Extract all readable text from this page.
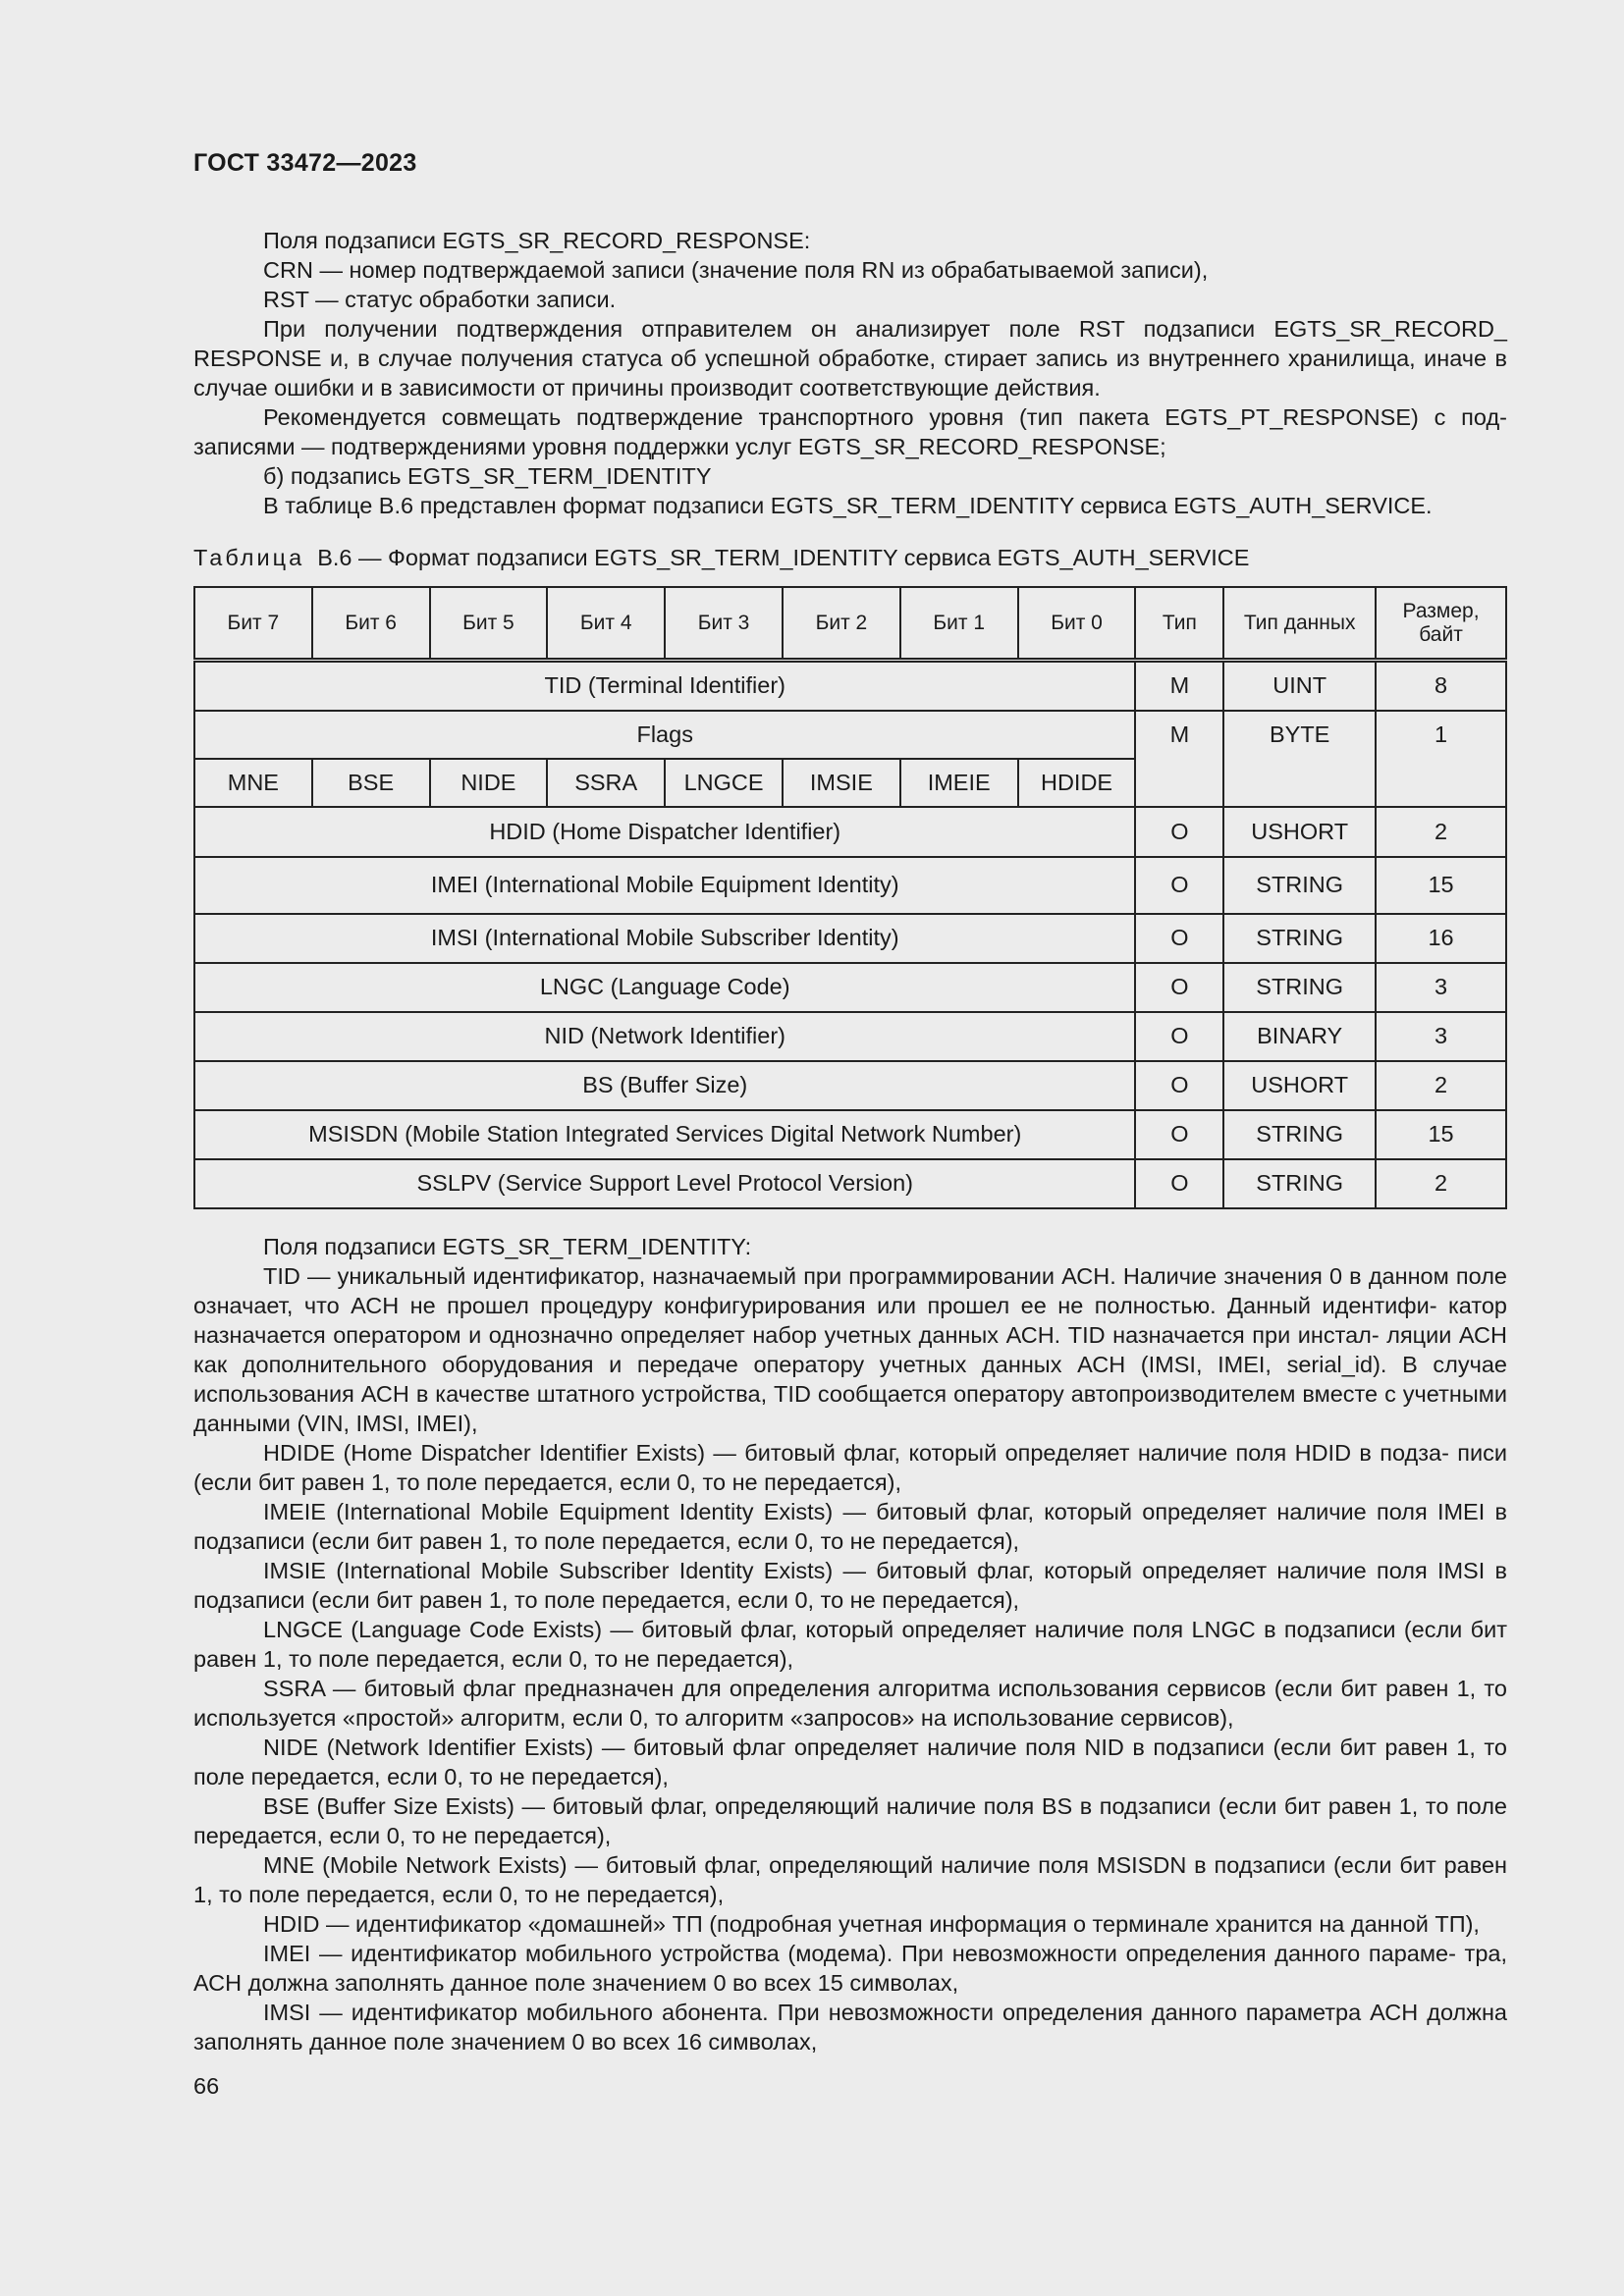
ГОСТ 33472—2023

Поля подзаписи EGTS_SR_RECORD_RESPONSE:

CRN — номер подтверждаемой записи (значение поля RN из обрабатываемой записи),

RST — статус обработки записи.

При получении подтверждения отправителем он анализирует поле RST подзаписи EGTS_SR_RECORD_ RESPONSE и, в случае получения статуса об успешной обработке, стирает запись из внутреннего хранилища, иначе в случае ошибки и в зависимости от причины производит соответствующие действия.

Рекомендуется совмещать подтверждение транспортного уровня (тип пакета EGTS_PT_RESPONSE) с под- записями — подтверждениями уровня поддержки услуг EGTS_SR_RECORD_RESPONSE;

б) подзапись EGTS_SR_TERM_IDENTITY

В таблице В.6 представлен формат подзаписи EGTS_SR_TERM_IDENTITY сервиса EGTS_AUTH_SERVICE.

Таблица В.6 — Формат подзаписи EGTS_SR_TERM_IDENTITY сервиса EGTS_AUTH_SERVICE
Бит 7	Бит 6	Бит 5	Бит 4	Бит 3	Бит 2	Бит 1	Бит 0	Тип	Тип данных	Размер, байт
TID (Terminal Identifier)								M	UINT	8
Flags								M	BYTE	1
MNE	BSE	NIDE	SSRA	LNGCE	IMSIE	IMEIE	HDIDE			
HDID (Home Dispatcher Identifier)								O	USHORT	2
IMEI (International Mobile Equipment Identity)								O	STRING	15
IMSI (International Mobile Subscriber Identity)								O	STRING	16
LNGC (Language Code)								O	STRING	3
NID (Network Identifier)								O	BINARY	3
BS (Buffer Size)								O	USHORT	2
MSISDN (Mobile Station Integrated Services Digital Network Number)								O	STRING	15
SSLPV (Service Support Level Protocol Version)								O	STRING	2

Поля подзаписи EGTS_SR_TERM_IDENTITY:

TID — уникальный идентификатор, назначаемый при программировании АСН. Наличие значения 0 в данном поле означает, что АСН не прошел процедуру конфигурирования или прошел ее не полностью. Данный идентифи- катор назначается оператором и однозначно определяет набор учетных данных АСН. TID назначается при инстал- ляции АСН как дополнительного оборудования и передаче оператору учетных данных АСН (IMSI, IMEI, serial_id). В случае использования АСН в качестве штатного устройства, TID сообщается оператору автопроизводителем вместе с учетными данными (VIN, IMSI, IMEI),

HDIDE (Home Dispatcher Identifier Exists) — битовый флаг, который определяет наличие поля HDID в подза- писи (если бит равен 1, то поле передается, если 0, то не передается),

IMEIE (International Mobile Equipment Identity Exists) — битовый флаг, который определяет наличие поля IMEI в подзаписи (если бит равен 1, то поле передается, если 0, то не передается),

IMSIE (International Mobile Subscriber Identity Exists) — битовый флаг, который определяет наличие поля IMSI в подзаписи (если бит равен 1, то поле передается, если 0, то не передается),

LNGCE (Language Code Exists) — битовый флаг, который определяет наличие поля LNGC в подзаписи (если бит равен 1, то поле передается, если 0, то не передается),

SSRA — битовый флаг предназначен для определения алгоритма использования сервисов (если бит равен 1, то используется «простой» алгоритм, если 0, то алгоритм «запросов» на использование сервисов),

NIDE (Network Identifier Exists) — битовый флаг определяет наличие поля NID в подзаписи (если бит равен 1, то поле передается, если 0, то не передается),

BSE (Buffer Size Exists) — битовый флаг, определяющий наличие поля BS в подзаписи (если бит равен 1, то поле передается, если 0, то не передается),

MNE (Mobile Network Exists) — битовый флаг, определяющий наличие поля MSISDN в подзаписи (если бит равен 1, то поле передается, если 0, то не передается),

HDID — идентификатор «домашней» ТП (подробная учетная информация о терминале хранится на данной ТП),

IMEI — идентификатор мобильного устройства (модема). При невозможности определения данного параме- тра, АСН должна заполнять данное поле значением 0 во всех 15 символах,

IMSI — идентификатор мобильного абонента. При невозможности определения данного параметра АСН должна заполнять данное поле значением 0 во всех 16 символах,

66
